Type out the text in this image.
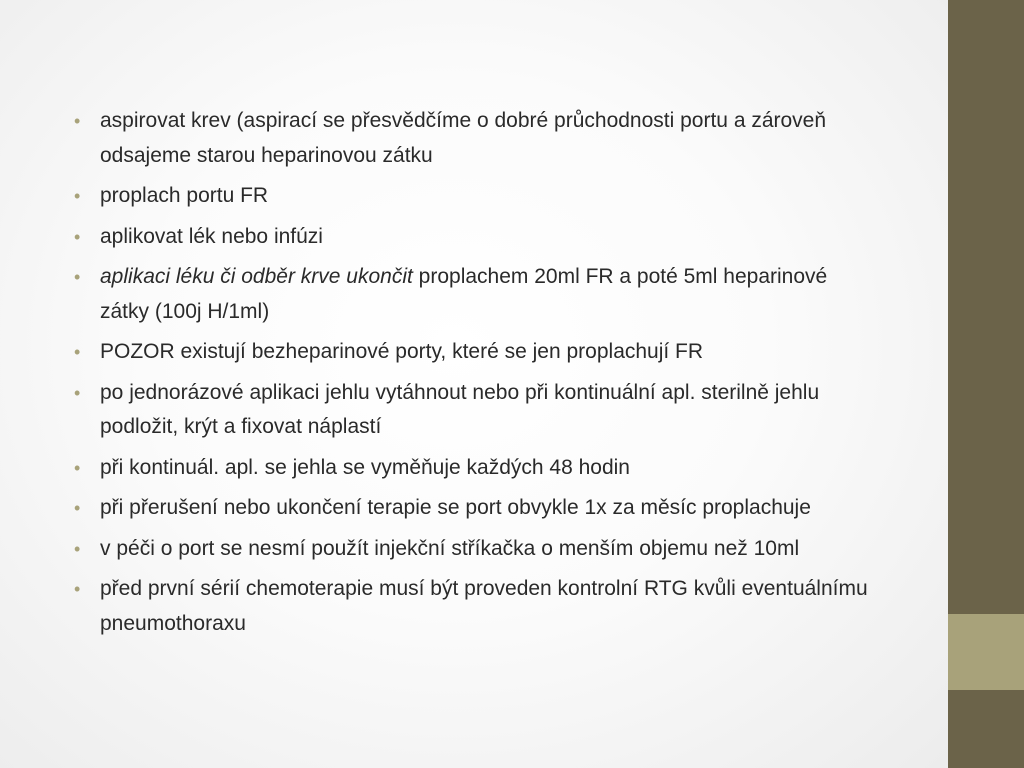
• aspirovat krev (aspirací se přesvědčíme o dobré průchodnosti portu a zároveň odsajeme starou heparinovou zátku
• proplach portu FR
• aplikovat lék nebo infúzi
• aplikaci léku či odběr krve ukončit proplachem 20ml FR a poté 5ml heparinové zátky (100j H/1ml)
• POZOR existují bezheparinové porty, které se jen proplachují FR
• po jednorázové aplikaci jehlu vytáhnout nebo při kontinuální apl. sterilně jehlu podložit, krýt a fixovat náplastí
• při kontinuál. apl. se jehla se vyměňuje každých 48 hodin
• při přerušení nebo ukončení terapie se port obvykle 1x za měsíc proplachuje
• v péči o port se nesmí použít injekční stříkačka o menším objemu než 10ml
• před první sérií chemoterapie musí být proveden kontrolní RTG kvůli eventuálnímu pneumothoraxu
